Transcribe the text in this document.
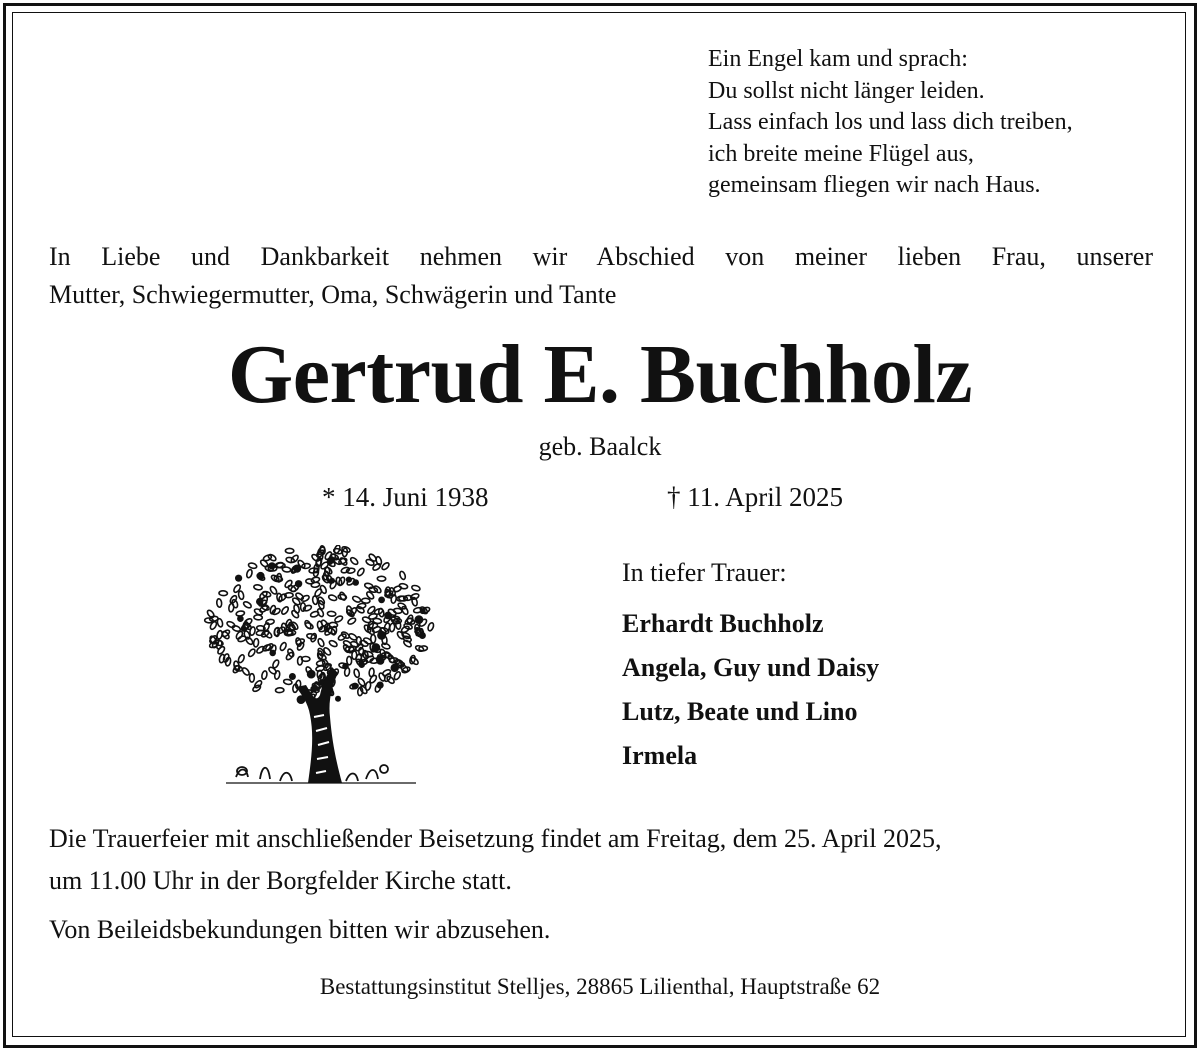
Ein Engel kam und sprach:
Du sollst nicht länger leiden.
Lass einfach los und lass dich treiben,
ich breite meine Flügel aus,
gemeinsam fliegen wir nach Haus.
In Liebe und Dankbarkeit nehmen wir Abschied von meiner lieben Frau, unserer
Mutter, Schwiegermutter, Oma, Schwägerin und Tante
Gertrud E. Buchholz
geb. Baalck
* 14. Juni 1938	† 11. April 2025
In tiefer Trauer:
Erhardt Buchholz
Angela, Guy und Daisy
Lutz, Beate und Lino
Irmela
Die Trauerfeier mit anschließender Beisetzung findet am Freitag, dem 25. April 2025,
um 11.00 Uhr in der Borgfelder Kirche statt.
Von Beileidsbekundungen bitten wir abzusehen.
Bestattungsinstitut Stelljes, 28865 Lilienthal, Hauptstraße 62
